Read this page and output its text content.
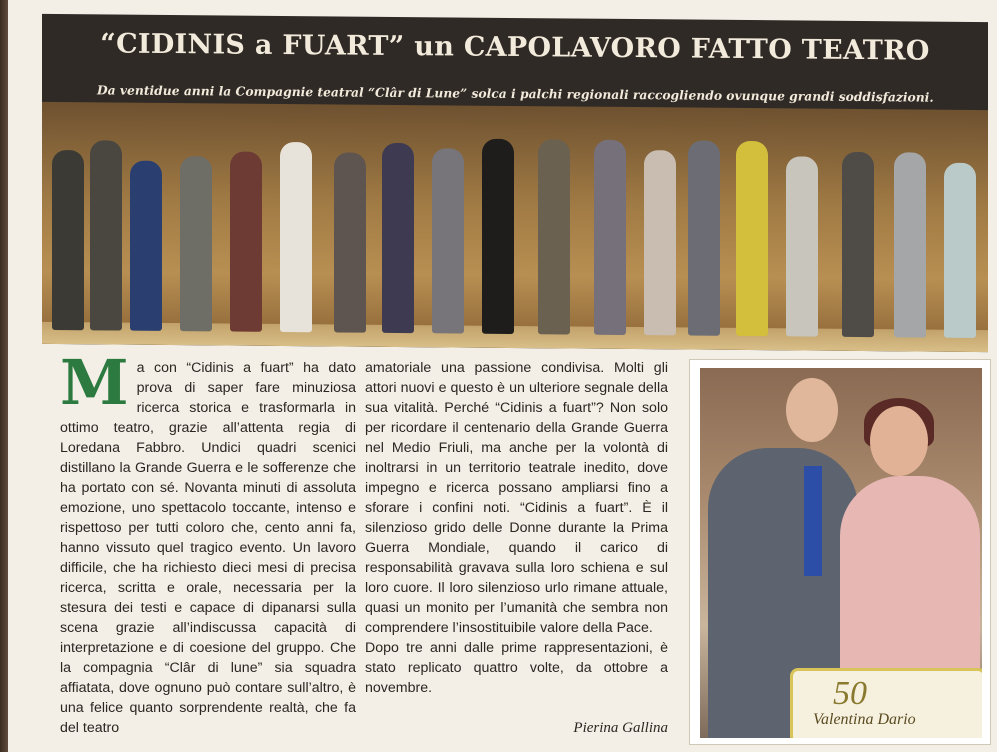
“CIDINIS a FUART” un CAPOLAVORO FATTO TEATRO
Da ventidue anni la Compagnie teatral “Clâr di Lune” solca i palchi regionali raccogliendo ovunque grandi soddisfazioni.
M a con “Cidinis a fuart” ha dato prova di saper fare minuziosa ricerca storica e trasformarla in ottimo teatro, grazie all’attenta regia di Loredana Fabbro. Undici quadri scenici distillano la Grande Guerra e le sofferenze che ha portato con sé. Novanta minuti di assoluta emozione, uno spettacolo toccante, intenso e rispettoso per tutti coloro che, cento anni fa, hanno vissuto quel tragico evento. Un lavoro difficile, che ha richiesto dieci mesi di precisa ricerca, scritta e orale, necessaria per la stesura dei testi e capace di dipanarsi sulla scena grazie all’indiscussa capacità di interpretazione e di coesione del gruppo. Che la compagnia “Clâr di lune” sia squadra affiatata, dove ognuno può contare sull’altro, è una felice quanto sorprendente realtà, che fa del teatro

amatoriale una passione condivisa. Molti gli attori nuovi e questo è un ulteriore segnale della sua vitalità. Perché “Cidinis a fuart”? Non solo per ricordare il centenario della Grande Guerra nel Medio Friuli, ma anche per la volontà di inoltrarsi in un territorio teatrale inedito, dove impegno e ricerca possano ampliarsi fino a sforare i confini noti. “Cidinis a fuart”. È il silenzioso grido delle Donne durante la Prima Guerra Mondiale, quando il carico di responsabilità gravava sulla loro schiena e sul loro cuore. Il loro silenzioso urlo rimane attuale, quasi un monito per l’umanità che sembra non comprendere l’insostituibile valore della Pace.

Dopo tre anni dalle prime rappresentazioni, è stato replicato quattro volte, da ottobre a novembre.

Pierina Gallina
50
Valentina Dario
